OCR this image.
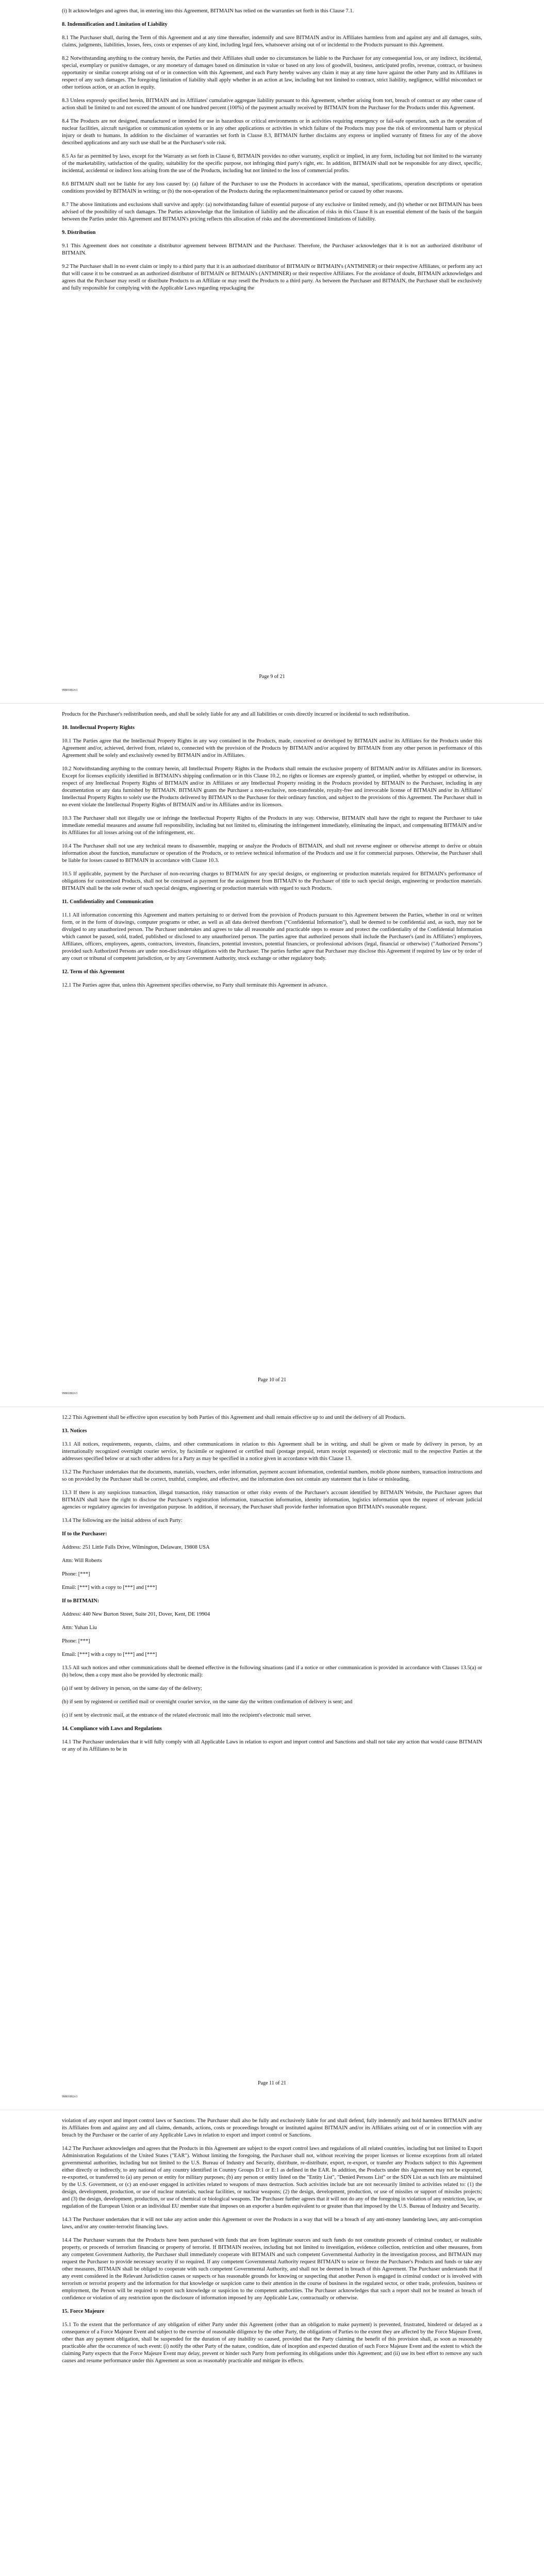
(i) It acknowledges and agrees that, in entering into this Agreement, BITMAIN has relied on the warranties set forth in this Clause 7.1.

8. Indemnification and Limitation of Liability

8.1 The Purchaser shall, during the Term of this Agreement and at any time thereafter, indemnify and save BITMAIN and/or its Affiliates harmless from and against any and all damages, suits, claims, judgments, liabilities, losses, fees, costs or expenses of any kind, including legal fees, whatsoever arising out of or incidental to the Products pursuant to this Agreement.

8.2 Notwithstanding anything to the contrary herein, the Parties and their Affiliates shall under no circumstances be liable to the Purchaser for any consequential loss, or any indirect, incidental, special, exemplary or punitive damages, or any monetary of damages based on diminution in value or based on any loss of goodwill, business, anticipated profits, revenue, contract, or business opportunity or similar concept arising out of or in connection with this Agreement, and each Party hereby waives any claim it may at any time have against the other Party and its Affiliates in respect of any such damages. The foregoing limitation of liability shall apply whether in an action at law, including but not limited to contract, strict liability, negligence, willful misconduct or other tortious action, or an action in equity.

8.3 Unless expressly specified herein, BITMAIN and its Affiliates' cumulative aggregate liability pursuant to this Agreement, whether arising from tort, breach of contract or any other cause of action shall be limited to and not exceed the amount of one hundred percent (100%) of the payment actually received by BITMAIN from the Purchaser for the Products under this Agreement.

8.4 The Products are not designed, manufactured or intended for use in hazardous or critical environments or in activities requiring emergency or fail-safe operation, such as the operation of nuclear facilities, aircraft navigation or communication systems or in any other applications or activities in which failure of the Products may pose the risk of environmental harm or physical injury or death to humans. In addition to the disclaimer of warranties set forth in Clause 8.3, BITMAIN further disclaims any express or implied warranty of fitness for any of the above described applications and any such use shall be at the Purchaser's sole risk.

8.5 As far as permitted by laws, except for the Warranty as set forth in Clause 6, BITMAIN provides no other warranty, explicit or implied, in any form, including but not limited to the warranty of the marketability, satisfaction of the quality, suitability for the specific purpose, not infringing third party's right, etc. In addition, BITMAIN shall not be responsible for any direct, specific, incidental, accidental or indirect loss arising from the use of the Products, including but not limited to the loss of commercial profits.

8.6 BITMAIN shall not be liable for any loss caused by: (a) failure of the Purchaser to use the Products in accordance with the manual, specifications, operation descriptions or operation conditions provided by BITMAIN in writing; or (b) the non-operation of the Products during the replacement/maintenance period or caused by other reasons.

8.7 The above limitations and exclusions shall survive and apply: (a) notwithstanding failure of essential purpose of any exclusive or limited remedy, and (b) whether or not BITMAIN has been advised of the possibility of such damages. The Parties acknowledge that the limitation of liability and the allocation of risks in this Clause 8 is an essential element of the basis of the bargain between the Parties under this Agreement and BITMAIN's pricing reflects this allocation of risks and the abovementioned limitations of liability.

9. Distribution

9.1 This Agreement does not constitute a distributor agreement between BITMAIN and the Purchaser. Therefore, the Purchaser acknowledges that it is not an authorized distributor of BITMAIN.

9.2 The Purchaser shall in no event claim or imply to a third party that it is an authorized distributor of BITMAIN or BITMAIN's (ANTMINER) or their respective Affiliates, or perform any act that will cause it to be construed as an authorized distributor of BITMAIN or BITMAIN's (ANTMINER) or their respective Affiliates. For the avoidance of doubt, BITMAIN acknowledges and agrees that the Purchaser may resell or distribute Products to an Affiliate or may resell the Products to a third party. As between the Purchaser and BITMAIN, the Purchaser shall be exclusively and fully responsible for complying with the Applicable Laws regarding repackaging the

Page 9 of 21
99801802v3

Products for the Purchaser's redistribution needs, and shall be solely liable for any and all liabilities or costs directly incurred or incidental to such redistribution.

10. Intellectual Property Rights

10.1 The Parties agree that the Intellectual Property Rights in any way contained in the Products, made, conceived or developed by BITMAIN and/or its Affiliates for the Products under this Agreement and/or, achieved, derived from, related to, connected with the provision of the Products by BITMAIN and/or acquired by BITMAIN from any other person in performance of this Agreement shall be solely and exclusively owned by BITMAIN and/or its Affiliates.

10.2 Notwithstanding anything to the contrary herein, all Intellectual Property Rights in the Products shall remain the exclusive property of BITMAIN and/or its Affiliates and/or its licensors. Except for licenses explicitly identified in BITMAIN's shipping confirmation or in this Clause 10.2, no rights or licenses are expressly granted, or implied, whether by estoppel or otherwise, in respect of any Intellectual Property Rights of BITMAIN and/or its Affiliates or any Intellectual Property residing in the Products provided by BITMAIN to the Purchaser, including in any documentation or any data furnished by BITMAIN. BITMAIN grants the Purchaser a non-exclusive, non-transferable, royalty-free and irrevocable license of BITMAIN and/or its Affiliates' Intellectual Property Rights to solely use the Products delivered by BITMAIN to the Purchaser for their ordinary function, and subject to the provisions of this Agreement. The Purchaser shall in no event violate the Intellectual Property Rights of BITMAIN and/or its Affiliates and/or its licensors.

10.3 The Purchaser shall not illegally use or infringe the Intellectual Property Rights of the Products in any way. Otherwise, BITMAIN shall have the right to request the Purchaser to take immediate remedial measures and assume full responsibility, including but not limited to, eliminating the infringement immediately, eliminating the impact, and compensating BITMAIN and/or its Affiliates for all losses arising out of the infringement, etc.

10.4 The Purchaser shall not use any technical means to disassemble, mapping or analyze the Products of BITMAIN, and shall not reverse engineer or otherwise attempt to derive or obtain information about the function, manufacture or operation of the Products, or to retrieve technical information of the Products and use it for commercial purposes. Otherwise, the Purchaser shall be liable for losses caused to BITMAIN in accordance with Clause 10.3.

10.5 If applicable, payment by the Purchaser of non-recurring charges to BITMAIN for any special designs, or engineering or production materials required for BITMAIN's performance of obligations for customized Products, shall not be construed as payment for the assignment from BITMAIN to the Purchaser of title to such special design, engineering or production materials. BITMAIN shall be the sole owner of such special designs, engineering or production materials with regard to such Products.

11. Confidentiality and Communication

11.1 All information concerning this Agreement and matters pertaining to or derived from the provision of Products pursuant to this Agreement between the Parties, whether in oral or written form, or in the form of drawings, computer programs or other, as well as all data derived therefrom ("Confidential Information"), shall be deemed to be confidential and, as such, may not be divulged to any unauthorized person. The Purchaser undertakes and agrees to take all reasonable and practicable steps to ensure and protect the confidentiality of the Confidential Information which cannot be passed, sold, traded, published or disclosed to any unauthorized person. The parties agree that authorized persons shall include the Purchaser's (and its Affiliates') employees, Affiliates, officers, employees, agents, contractors, investors, financiers, potential investors, potential financiers, or professional advisors (legal, financial or otherwise) ("Authorized Persons") provided such Authorized Persons are under non-disclosure obligations with the Purchaser. The parties further agree that Purchaser may disclose this Agreement if required by law or by order of any court or tribunal of competent jurisdiction, or by any Government Authority, stock exchange or other regulatory body.

12. Term of this Agreement

12.1 The Parties agree that, unless this Agreement specifies otherwise, no Party shall terminate this Agreement in advance.

Page 10 of 21
99801802v3

12.2 This Agreement shall be effective upon execution by both Parties of this Agreement and shall remain effective up to and until the delivery of all Products.

13. Notices

13.1 All notices, requirements, requests, claims, and other communications in relation to this Agreement shall be in writing, and shall be given or made by delivery in person, by an internationally recognized overnight courier service, by facsimile or registered or certified mail (postage prepaid, return receipt requested) or electronic mail to the respective Parties at the addresses specified below or at such other address for a Party as may be specified in a notice given in accordance with this Clause 13.

13.2 The Purchaser undertakes that the documents, materials, vouchers, order information, payment account information, credential numbers, mobile phone numbers, transaction instructions and so on provided by the Purchaser shall be correct, truthful, complete, and effective, and the information does not contain any statement that is false or misleading.

13.3 If there is any suspicious transaction, illegal transaction, risky transaction or other risky events of the Purchaser's account identified by BITMAIN Website, the Purchaser agrees that BITMAIN shall have the right to disclose the Purchaser's registration information, transaction information, identity information, logistics information upon the request of relevant judicial agencies or regulatory agencies for investigation purpose. In addition, if necessary, the Purchaser shall provide further information upon BITMAIN's reasonable request.

13.4 The following are the initial address of each Party:

If to the Purchaser:

Address: 251 Little Falls Drive, Wilmington, Delaware, 19808 USA

Attn: Will Roberts

Phone: [***]

Email: [***] with a copy to [***] and [***]

If to BITMAIN:

Address: 440 New Burton Street, Suite 201, Dover, Kent, DE 19904

Attn: Yuhan Liu

Phone: [***]

Email: [***] with a copy to [***] and [***]

13.5 All such notices and other communications shall be deemed effective in the following situations (and if a notice or other communication is provided in accordance with Clauses 13.5(a) or (b) below, then a copy must also be provided by electronic mail):

(a) if sent by delivery in person, on the same day of the delivery;

(b) if sent by registered or certified mail or overnight courier service, on the same day the written confirmation of delivery is sent; and

(c) if sent by electronic mail, at the entrance of the related electronic mail into the recipient's electronic mail server.

14. Compliance with Laws and Regulations

14.1 The Purchaser undertakes that it will fully comply with all Applicable Laws in relation to export and import control and Sanctions and shall not take any action that would cause BITMAIN or any of its Affiliates to be in

Page 11 of 21
99801802v3

violation of any export and import control laws or Sanctions. The Purchaser shall also be fully and exclusively liable for and shall defend, fully indemnify and hold harmless BITMAIN and/or its Affiliates from and against any and all claims, demands, actions, costs or proceedings brought or instituted against BITMAIN and/or its Affiliates arising out of or in connection with any breach by the Purchaser or the carrier of any Applicable Laws in relation to export and import control or Sanctions.

14.2 The Purchaser acknowledges and agrees that the Products in this Agreement are subject to the export control laws and regulations of all related countries, including but not limited to Export Administration Regulations of the United States ("EAR"). Without limiting the foregoing, the Purchaser shall not, without receiving the proper licenses or license exceptions from all related governmental authorities, including but not limited to the U.S. Bureau of Industry and Security, distribute, re-distribute, export, re-export, or transfer any Products subject to this Agreement either directly or indirectly, to any national of any country identified in Country Groups D:1 or E:1 as defined in the EAR. In addition, the Products under this Agreement may not be exported, re-exported, or transferred to (a) any person or entity for military purposes; (b) any person or entity listed on the "Entity List", "Denied Persons List" or the SDN List as such lists are maintained by the U.S. Government, or (c) an end-user engaged in activities related to weapons of mass destruction. Such activities include but are not necessarily limited to activities related to: (1) the design, development, production, or use of nuclear materials, nuclear facilities, or nuclear weapons; (2) the design, development, production, or use of missiles or support of missiles projects; and (3) the design, development, production, or use of chemical or biological weapons. The Purchaser further agrees that it will not do any of the foregoing in violation of any restriction, law, or regulation of the European Union or an individual EU member state that imposes on an exporter a burden equivalent to or greater than that imposed by the U.S. Bureau of Industry and Security.

14.3 The Purchaser undertakes that it will not take any action under this Agreement or over the Products in a way that will be a breach of any anti-money laundering laws, any anti-corruption laws, and/or any counter-terrorist financing laws.

14.4 The Purchaser warrants that the Products have been purchased with funds that are from legitimate sources and such funds do not constitute proceeds of criminal conduct, or realizable property, or proceeds of terrorism financing or property of terrorist. If BITMAIN receives, including but not limited to investigation, evidence collection, restriction and other measures, from any competent Government Authority, the Purchaser shall immediately cooperate with BITMAIN and such competent Governmental Authority in the investigation process, and BITMAIN may request the Purchaser to provide necessary security if so required. If any competent Governmental Authority request BITMAIN to seize or freeze the Purchaser's Products and funds or take any other measures, BITMAIN shall be obliged to cooperate with such competent Governmental Authority, and shall not be deemed in breach of this Agreement. The Purchaser understands that if any event considered in the Relevant Jurisdiction causes or suspects or has reasonable grounds for knowing or suspecting that another Person is engaged in criminal conduct or is involved with terrorism or terrorist property and the information for that knowledge or suspicion came to their attention in the course of business in the regulated sector, or other trade, profession, business or employment, the Person will be required to report such knowledge or suspicion to the competent authorities. The Purchaser acknowledges that such a report shall not be treated as breach of confidence or violation of any restriction upon the disclosure of information imposed by any Applicable Law, contractually or otherwise.

15. Force Majeure

15.1 To the extent that the performance of any obligation of either Party under this Agreement (other than an obligation to make payment) is prevented, frustrated, hindered or delayed as a consequence of a Force Majeure Event and subject to the exercise of reasonable diligence by the other Party, the obligations of Parties to the extent they are affected by the Force Majeure Event, other than any payment obligation, shall be suspended for the duration of any inability so caused, provided that the Party claiming the benefit of this provision shall, as soon as reasonably practicable after the occurrence of such event: (i) notify the other Party of the nature, condition, date of inception and expected duration of such Force Majeure Event and the extent to which the claiming Party expects that the Force Majeure Event may delay, prevent or hinder such Party from performing its obligations under this Agreement; and (ii) use its best effort to remove any such causes and resume performance under this Agreement as soon as reasonably practicable and mitigate its effects.
